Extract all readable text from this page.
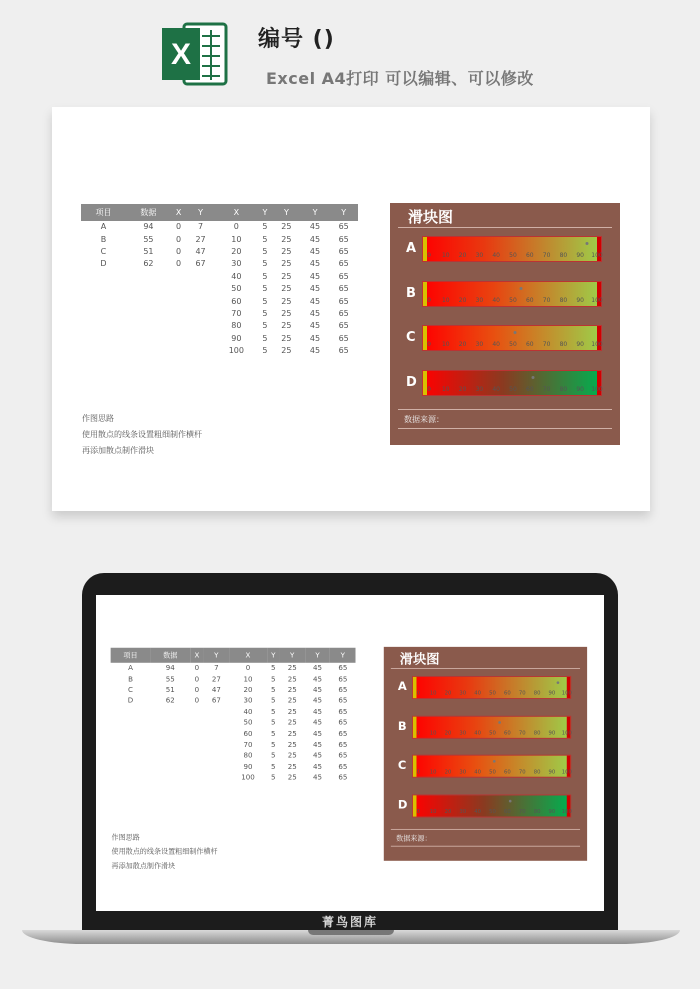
X	编号 ()
Excel A4打印 可以编辑、可以修改
项目	数据	X	Y	X	Y	Y	Y	Y
A	94	0	7	0	5	25	45	65
B	55	0	27	10	5	25	45	65
C	51	0	47	20	5	25	45	65
D	62	0	67	30	5	25	45	65
				40	5	25	45	65
				50	5	25	45	65
				60	5	25	45	65
				70	5	25	45	65
				80	5	25	45	65
				90	5	25	45	65
				100	5	25	45	65
作图思路
使用散点的线条设置粗细制作横杆
再添加散点制作滑块
滑块图
A 0 10 20 30 40 50 60 70 80 90 100
B 0 10 20 30 40 50 60 70 80 90 100
C 0 10 20 30 40 50 60 70 80 90 100
D 0 10 20 30 40 50 60 70 80 90 100
数据来源：
项目	数据	X	Y	X	Y	Y	Y	Y
A	94	0	7	0	5	25	45	65
B	55	0	27	10	5	25	45	65
C	51	0	47	20	5	25	45	65
D	62	0	67	30	5	25	45	65
				40	5	25	45	65
				50	5	25	45	65
				60	5	25	45	65
				70	5	25	45	65
				80	5	25	45	65
				90	5	25	45	65
				100	5	25	45	65
作图思路
使用散点的线条设置粗细制作横杆
再添加散点制作滑块
滑块图
A 0 10 20 30 40 50 60 70 80 90 100
B 0 10 20 30 40 50 60 70 80 90 100
C 0 10 20 30 40 50 60 70 80 90 100
D 0 10 20 30 40 50 60 70 80 90 100
数据来源：
菁鸟图库
